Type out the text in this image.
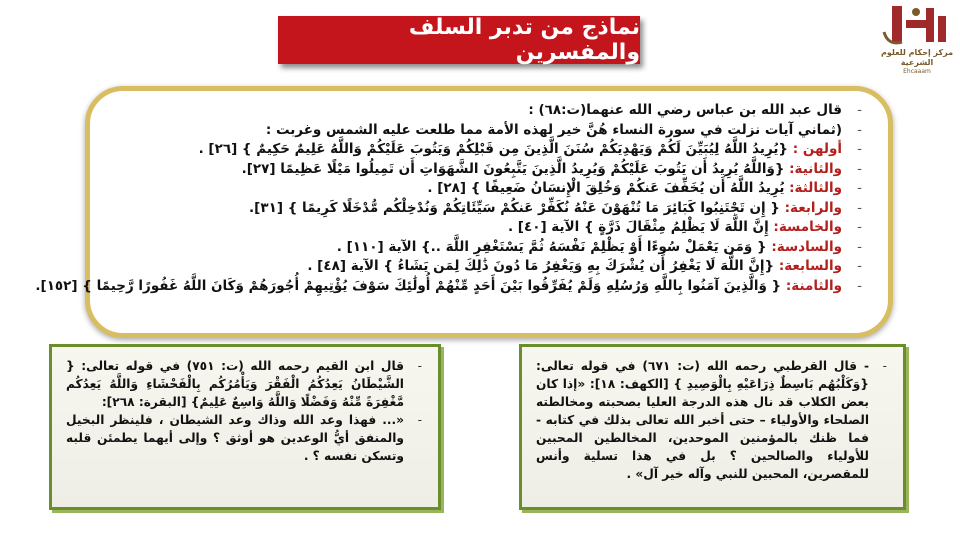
نماذج من تدبر السلف والمفسرين	مركز إحكام للعلوم الشرعية
Ehcaaam
-
قال عبد الله بن عباس رضي الله عنهما(ت:٦٨) :
-
(ثماني آيات نزلت في سورة النساء هُنَّ خير لهذه الأمة مما طلعت عليه الشمس وغربت :
-
أولهن : {يُرِيدُ اللَّهُ لِيُبَيِّنَ لَكُمْ وَيَهْدِيَكُمْ سُنَنَ الَّذِينَ مِن قَبْلِكُمْ وَيَتُوبَ عَلَيْكُمْ وَاللَّهُ عَلِيمٌ حَكِيمٌ } [٢٦] .
-
والثانية: {وَاللَّهُ يُرِيدُ أَن يَتُوبَ عَلَيْكُمْ وَيُرِيدُ الَّذِينَ يَتَّبِعُونَ الشَّهَوَاتِ أَن تَمِيلُوا مَيْلًا عَظِيمًا [٢٧].
-
والثالثة: يُرِيدُ اللَّهُ أَن يُخَفِّفَ عَنكُمْ وَخُلِقَ الْإِنسَانُ ضَعِيفًا } [٢٨] .
-
والرابعة: { إِن تَجْتَنِبُوا كَبَائِرَ مَا تُنْهَوْنَ عَنْهُ نُكَفِّرْ عَنكُمْ سَيِّئَاتِكُمْ وَنُدْخِلْكُم مُّدْخَلًا كَرِيمًا } [٣١].
-
والخامسة: إِنَّ اللَّهَ لَا يَظْلِمُ مِثْقَالَ ذَرَّةٍ } الآية [٤٠] .
-
والسادسة: { وَمَن يَعْمَلْ سُوءًا أَوْ يَظْلِمْ نَفْسَهُ ثُمَّ يَسْتَغْفِرِ اللَّهَ ..} الآية [١١٠] .
-
والسابعة: {إِنَّ اللَّهَ لَا يَغْفِرُ أَن يُشْرَكَ بِهِ وَيَغْفِرُ مَا دُونَ ذَٰلِكَ لِمَن يَشَاءُ } الآية [٤٨] .
-
والثامنة: { وَالَّذِينَ آمَنُوا بِاللَّهِ وَرُسُلِهِ وَلَمْ يُفَرِّقُوا بَيْنَ أَحَدٍ مِّنْهُمْ أُولَٰئِكَ سَوْفَ يُؤْتِيهِمْ أُجُورَهُمْ وَكَانَ اللَّهُ غَفُورًا رَّحِيمًا } [١٥٢].
-
قال ابن القيم رحمه الله (ت: ٧٥١) في قوله تعالى: { الشَّيْطَانُ يَعِدُكُمُ الْفَقْرَ وَيَأْمُرُكُم بِالْفَحْشَاءِ وَاللَّهُ يَعِدُكُم مَّغْفِرَةً مِّنْهُ وَفَضْلًا وَاللَّهُ وَاسِعٌ عَلِيمٌ} [البقرة: ٢٦٨]:
-
«... فهذا وعد الله وذاك وعد الشيطان ، فلينظر البخيل والمنفق أيُّ الوعدين هو أوثق ؟ وإلى أيهما يطمئن قلبه وتسكن نفسه ؟ .
-
- قال القرطبي رحمه الله (ت: ٦٧١) في قوله تعالى: {وَكَلْبُهُم بَاسِطٌ ذِرَاعَيْهِ بِالْوَصِيدِ } [الكهف: ١٨]: «إذا كان بعض الكلاب قد نال هذه الدرجة العليا بصحبته ومخالطته الصلحاء والأولياء – حتى أخبر الله تعالى بذلك في كتابه - فما ظنك بالمؤمنين الموحدين، المخالطين المحبين للأولياء والصالحين ؟ بل في هذا تسلية وأنس للمقصرين، المحبين للنبي وآله خير آل» .
